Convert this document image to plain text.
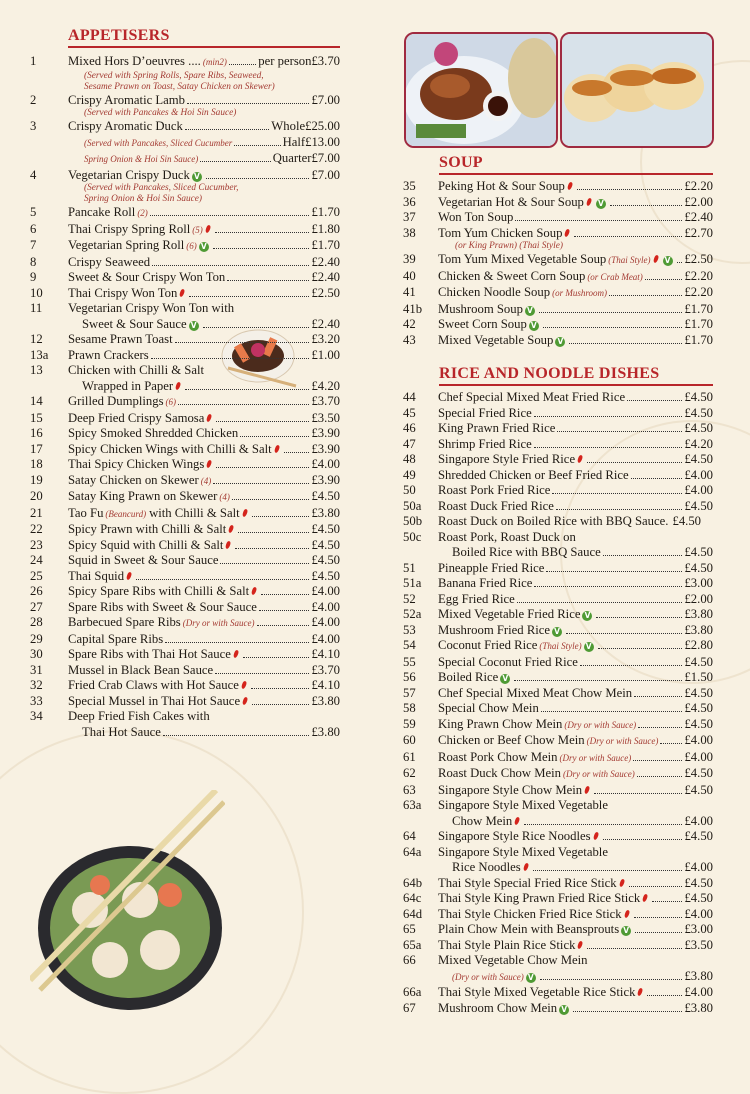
APPETISERS
1 Mixed Hors D’oeuvres .... (min2) per person £3.70
(Served with Spring Rolls, Spare Ribs, Seaweed,
Sesame Prawn on Toast, Satay Chicken on Skewer)
2 Crispy Aromatic Lamb	£7.00
(Served with Pancakes & Hoi Sin Sauce)
3 Crispy Aromatic Duck	Whole £25.00
(Served with Pancakes, Sliced Cucumber	Half £13.00
Spring Onion & Hoi Sin Sauce)	Quarter £7.00
4 Vegetarian Crispy Duck V	£7.00
(Served with Pancakes, Sliced Cucumber,
Spring Onion & Hoi Sin Sauce)
5 Pancake Roll (2)	£1.70
6 Thai Crispy Spring Roll (5)	£1.80
7 Vegetarian Spring Roll (6) V	£1.70
8 Crispy Seaweed	£2.40
9 Sweet & Sour Crispy Won Ton	£2.40
10 Thai Crispy Won Ton	£2.50
11 Vegetarian Crispy Won Ton with
Sweet & Sour Sauce V	£2.40
12 Sesame Prawn Toast	£3.20
13a Prawn Crackers	£1.00
13 Chicken with Chilli & Salt
Wrapped in Paper	£4.20
14 Grilled Dumplings (6)	£3.70
15 Deep Fried Crispy Samosa	£3.50
16 Spicy Smoked Shredded Chicken	£3.90
17 Spicy Chicken Wings with Chilli & Salt	£3.90
18 Thai Spicy Chicken Wings	£4.00
19 Satay Chicken on Skewer (4)	£3.90
20 Satay King Prawn on Skewer (4)	£4.50
21 Tao Fu (Beancurd) with Chilli & Salt	£3.80
22 Spicy Prawn with Chilli & Salt	£4.50
23 Spicy Squid with Chilli & Salt	£4.50
24 Squid in Sweet & Sour Sauce	£4.50
25 Thai Squid	£4.50
26 Spicy Spare Ribs with Chilli & Salt	£4.00
27 Spare Ribs with Sweet & Sour Sauce	£4.00
28 Barbecued Spare Ribs (Dry or with Sauce)	£4.00
29 Capital Spare Ribs	£4.00
30 Spare Ribs with Thai Hot Sauce	£4.10
31 Mussel in Black Bean Sauce	£3.70
32 Fried Crab Claws with Hot Sauce	£4.10
33 Special Mussel in Thai Hot Sauce	£3.80
34 Deep Fried Fish Cakes with
Thai Hot Sauce	£3.80
SOUP
35 Peking Hot & Sour Soup	£2.20
36 Vegetarian Hot & Sour Soup V	£2.00
37 Won Ton Soup	£2.40
38 Tom Yum Chicken Soup	£2.70
(or King Prawn) (Thai Style)
39 Tom Yum Mixed Vegetable Soup (Thai Style) V £2.50
40 Chicken & Sweet Corn Soup (or Crab Meat)	£2.20
41 Chicken Noodle Soup (or Mushroom)	£2.20
41b Mushroom Soup V	£1.70
42 Sweet Corn Soup V	£1.70
43 Mixed Vegetable Soup V	£1.70
RICE AND NOODLE DISHES
44 Chef Special Mixed Meat Fried Rice	£4.50
45 Special Fried Rice	£4.50
46 King Prawn Fried Rice	£4.50
47 Shrimp Fried Rice	£4.20
48 Singapore Style Fried Rice	£4.50
49 Shredded Chicken or Beef Fried Rice	£4.00
50 Roast Pork Fried Rice	£4.00
50a Roast Duck Fried Rice	£4.50
50b Roast Duck on Boiled Rice with BBQ Sauce. £4.50
50c Roast Pork, Roast Duck on
Boiled Rice with BBQ Sauce	£4.50
51 Pineapple Fried Rice	£4.50
51a Banana Fried Rice	£3.00
52 Egg Fried Rice	£2.00
52a Mixed Vegetable Fried Rice V	£3.80
53 Mushroom Fried Rice V	£3.80
54 Coconut Fried Rice (Thai Style) V	£2.80
55 Special Coconut Fried Rice	£4.50
56 Boiled Rice V	£1.50
57 Chef Special Mixed Meat Chow Mein	£4.50
58 Special Chow Mein	£4.50
59 King Prawn Chow Mein (Dry or with Sauce)	£4.50
60 Chicken or Beef Chow Mein (Dry or with Sauce) £4.00
61 Roast Pork Chow Mein (Dry or with Sauce)	£4.00
62 Roast Duck Chow Mein (Dry or with Sauce)	£4.50
63 Singapore Style Chow Mein	£4.50
63a Singapore Style Mixed Vegetable
Chow Mein	£4.00
64 Singapore Style Rice Noodles	£4.50
64a Singapore Style Mixed Vegetable
Rice Noodles	£4.00
64b Thai Style Special Fried Rice Stick	£4.50
64c Thai Style King Prawn Fried Rice Stick	£4.50
64d Thai Style Chicken Fried Rice Stick	£4.00
65 Plain Chow Mein with Beansprouts V	£3.00
65a Thai Style Plain Rice Stick	£3.50
66 Mixed Vegetable Chow Mein
(Dry or with Sauce) V	£3.80
66a Thai Style Mixed Vegetable Rice Stick	£4.00
67 Mushroom Chow Mein V	£3.80
